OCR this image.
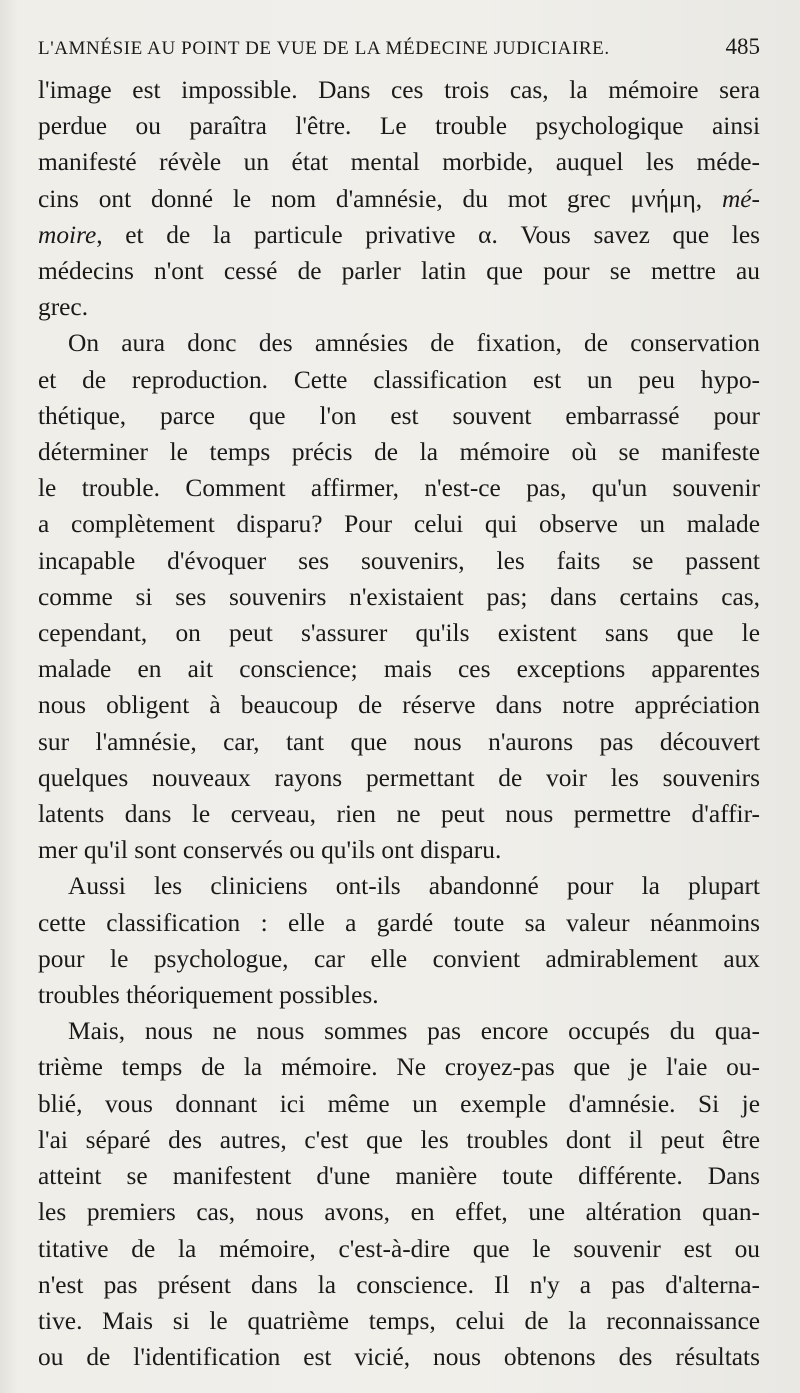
L'AMNÉSIE AU POINT DE VUE DE LA MÉDECINE JUDICIAIRE.	485

l'image est impossible. Dans ces trois cas, la mémoire sera
perdue ou paraîtra l'être. Le trouble psychologique ainsi
manifesté révèle un état mental morbide, auquel les méde-
cins ont donné le nom d'amnésie, du mot grec μνήμη, mé-
moire, et de la particule privative α. Vous savez que les
médecins n'ont cessé de parler latin que pour se mettre au
grec.

On aura donc des amnésies de fixation, de conservation
et de reproduction. Cette classification est un peu hypo-
thétique, parce que l'on est souvent embarrassé pour
déterminer le temps précis de la mémoire où se manifeste
le trouble. Comment affirmer, n'est-ce pas, qu'un souvenir
a complètement disparu? Pour celui qui observe un malade
incapable d'évoquer ses souvenirs, les faits se passent
comme si ses souvenirs n'existaient pas; dans certains cas,
cependant, on peut s'assurer qu'ils existent sans que le
malade en ait conscience; mais ces exceptions apparentes
nous obligent à beaucoup de réserve dans notre appréciation
sur l'amnésie, car, tant que nous n'aurons pas découvert
quelques nouveaux rayons permettant de voir les souvenirs
latents dans le cerveau, rien ne peut nous permettre d'affir-
mer qu'il sont conservés ou qu'ils ont disparu.

Aussi les cliniciens ont-ils abandonné pour la plupart
cette classification : elle a gardé toute sa valeur néanmoins
pour le psychologue, car elle convient admirablement aux
troubles théoriquement possibles.

Mais, nous ne nous sommes pas encore occupés du qua-
trième temps de la mémoire. Ne croyez-pas que je l'aie ou-
blié, vous donnant ici même un exemple d'amnésie. Si je
l'ai séparé des autres, c'est que les troubles dont il peut être
atteint se manifestent d'une manière toute différente. Dans
les premiers cas, nous avons, en effet, une altération quan-
titative de la mémoire, c'est-à-dire que le souvenir est ou
n'est pas présent dans la conscience. Il n'y a pas d'alterna-
tive. Mais si le quatrième temps, celui de la reconnaissance
ou de l'identification est vicié, nous obtenons des résultats
